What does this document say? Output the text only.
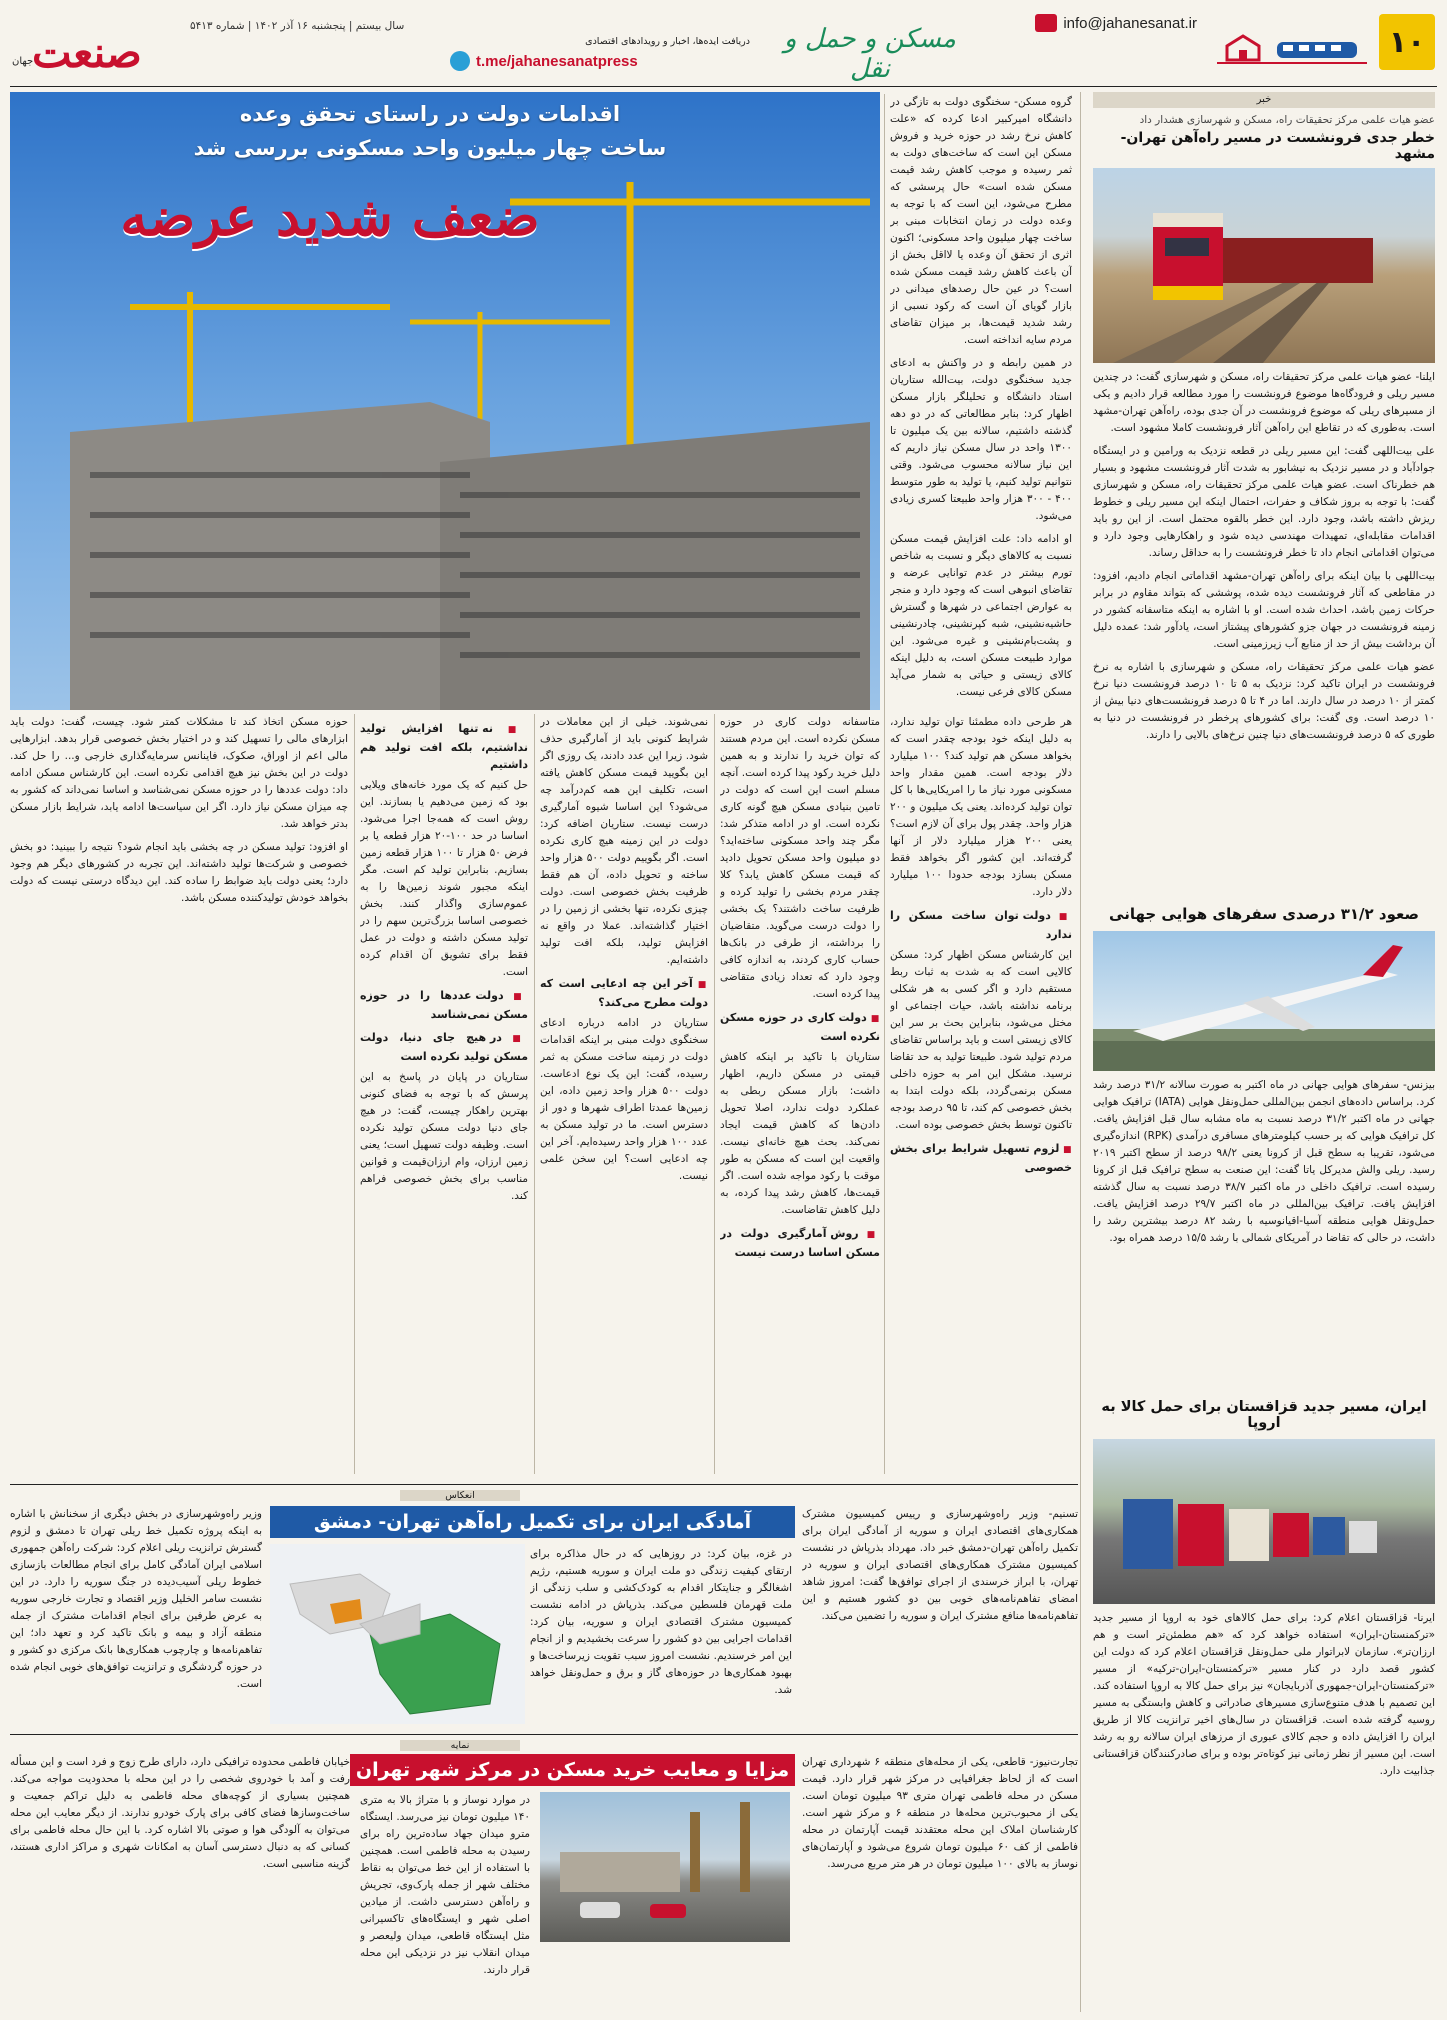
۱۰
info@jahanesanat.ir
مسکن و حمل و نقل
دریافت ایده‌ها، اخبار و رویدادهای اقتصادی
t.me/jahanesanatpress
سال بیستم | پنجشنبه ۱۶ آذر ۱۴۰۲ | شماره ۵۴۱۳
صنعت
جهان
خبر
عضو هیات علمی مرکز تحقیقات راه، مسکن و شهرسازی هشدار داد
خطر جدی فرونشست در مسیر راه‌آهن تهران-مشهد

ایلنا- عضو هیات علمی مرکز تحقیقات راه، مسکن و شهرسازی گفت: در چندین مسیر ریلی و فرودگاه‌ها موضوع فرونشست را مورد مطالعه قرار دادیم و یکی از مسیرهای ریلی که موضوع فرونشست در آن جدی بوده، راه‌آهن تهران-مشهد است. به‌طوری که در تقاطع این راه‌آهن آثار فرونشست کاملا مشهود است.

علی بیت‌اللهی گفت: این مسیر ریلی در قطعه نزدیک به ورامین و در ایستگاه جوادآباد و در مسیر نزدیک به نیشابور به شدت آثار فرونشست مشهود و بسیار هم خطرناک است. عضو هیات علمی مرکز تحقیقات راه، مسکن و شهرسازی گفت: با توجه به بروز شکاف و حفرات، احتمال اینکه این مسیر ریلی و خطوط ریزش داشته باشد، وجود دارد. این خطر بالقوه محتمل است. از این رو باید اقدامات مقابله‌ای، تمهیدات مهندسی دیده شود و راهکارهایی وجود دارد و می‌توان اقداماتی انجام داد تا خطر فرونشست را به حداقل رساند.

بیت‌اللهی با بیان اینکه برای راه‌آهن تهران-مشهد اقداماتی انجام دادیم، افزود: در مقاطعی که آثار فرونشست دیده شده، پوششی که بتواند مقاوم در برابر حرکات زمین باشد، احداث شده است. او با اشاره به اینکه متاسفانه کشور در زمینه فرونشست در جهان جزو کشورهای پیشتاز است، یادآور شد: عمده دلیل آن برداشت بیش از حد از منابع آب زیرزمینی است.

عضو هیات علمی مرکز تحقیقات راه، مسکن و شهرسازی با اشاره به نرخ فرونشست در ایران تاکید کرد: نزدیک به ۵ تا ۱۰ درصد فرونشست دنیا نرخ کمتر از ۱۰ درصد در سال دارند. اما در ۴ تا ۵ درصد فرونشست‌های دنیا بیش از ۱۰ درصد است. وی گفت: برای کشورهای پرخطر در فرونشست در دنیا به طوری که ۵ درصد فرونشست‌های دنیا چنین نرخ‌های بالایی را دارند.

صعود ۳۱/۲ درصدی سفرهای هوایی جهانی
بیزنس- سفرهای هوایی جهانی در ماه اکتبر به صورت سالانه ۳۱/۲ درصد رشد کرد. براساس داده‌های انجمن بین‌المللی حمل‌ونقل هوایی (IATA) ترافیک هوایی جهانی در ماه اکتبر ۳۱/۲ درصد نسبت به ماه مشابه سال قبل افزایش یافت. کل ترافیک هوایی که بر حسب کیلومترهای مسافری درآمدی (RPK) اندازه‌گیری می‌شود، تقریبا به سطح قبل از کرونا یعنی ۹۸/۲ درصد از سطح اکتبر ۲۰۱۹ رسید. ریلی والش مدیرکل یاتا گفت: این صنعت به سطح ترافیک قبل از کرونا رسیده است. ترافیک داخلی در ماه اکتبر ۳۸/۷ درصد نسبت به سال گذشته افزایش یافت. ترافیک بین‌المللی در ماه اکتبر ۲۹/۷ درصد افزایش یافت. حمل‌ونقل هوایی منطقه آسیا-اقیانوسیه با رشد ۸۲ درصد بیشترین رشد را داشت، در حالی که تقاضا در آمریکای شمالی با رشد ۱۵/۵ درصد همراه بود.
ایران، مسیر جدید قزاقستان برای حمل کالا به اروپا
ایرنا- قزاقستان اعلام کرد: برای حمل کالاهای خود به اروپا از مسیر جدید «ترکمنستان-ایران» استفاده خواهد کرد که «هم مطمئن‌تر است و هم ارزان‌تر». سازمان لابراتوار ملی حمل‌ونقل قزاقستان اعلام کرد که دولت این کشور قصد دارد در کنار مسیر «ترکمنستان-ایران-ترکیه» از مسیر «ترکمنستان-ایران-جمهوری آذربایجان» نیز برای حمل کالا به اروپا استفاده کند. این تصمیم با هدف متنوع‌سازی مسیرهای صادراتی و کاهش وابستگی به مسیر روسیه گرفته شده است. قزاقستان در سال‌های اخیر ترانزیت کالا از طریق ایران را افزایش داده و حجم کالای عبوری از مرزهای ایران سالانه رو به رشد است. این مسیر از نظر زمانی نیز کوتاه‌تر بوده و برای صادرکنندگان قزاقستانی جذابیت دارد.

گروه مسکن- سخنگوی دولت به تازگی در دانشگاه امیرکبیر ادعا کرده که «علت کاهش نرخ رشد در حوزه خرید و فروش مسکن این است که ساخت‌های دولت به ثمر رسیده و موجب کاهش رشد قیمت مسکن شده است» حال پرسشی که مطرح می‌شود، این است که با توجه به وعده دولت در زمان انتخابات مبنی بر ساخت چهار میلیون واحد مسکونی؛ اکنون اثری از تحقق آن وعده یا لااقل بخش از آن باعث کاهش رشد قیمت مسکن شده است؟ در عین حال رصدهای میدانی در بازار گویای آن است که رکود نسبی از رشد شدید قیمت‌ها، بر میزان تقاضای مردم سایه انداخته است.

در همین رابطه و در واکنش به ادعای جدید سخنگوی دولت، بیت‌الله ستاریان استاد دانشگاه و تحلیلگر بازار مسکن اظهار کرد: بنابر مطالعاتی که در دو دهه گذشته داشتیم، سالانه بین یک میلیون تا ۱۳۰۰ واحد در سال مسکن نیاز داریم که این نیاز سالانه محسوب می‌شود. وقتی نتوانیم تولید کنیم، یا تولید به طور متوسط ۴۰۰ - ۳۰۰ هزار واحد طبیعتا کسری زیادی می‌شود.

او ادامه داد: علت افزایش قیمت مسکن نسبت به کالاهای دیگر و نسبت به شاخص تورم بیشتر در عدم توانایی عرضه و تقاضای انبوهی است که وجود دارد و منجر به عوارض اجتماعی در شهرها و گسترش حاشیه‌نشینی، شبه کپرنشینی، چادرنشینی و پشت‌بام‌نشینی و غیره می‌شود. این موارد طبیعت مسکن است، به دلیل اینکه کالای زیستی و حیاتی به شمار می‌آید مسکن کالای فرعی نیست.

اقدامات دولت در راستای تحقق وعده
ساخت چهار میلیون واحد مسکونی بررسی شد
ضعف شدید عرضه

هر طرحی داده مطمئنا توان تولید ندارد، به دلیل اینکه خود بودجه چقدر است که بخواهد مسکن هم تولید کند؟ ۱۰۰ میلیارد دلار بودجه است. همین مقدار واحد مسکونی مورد نیاز ما را امریکایی‌ها با کل توان تولید کرده‌اند. یعنی یک میلیون و ۲۰۰ هزار واحد. چقدر پول برای آن لازم است؟ یعنی ۲۰۰ هزار میلیارد دلار از آنها گرفته‌اند. این کشور اگر بخواهد فقط مسکن بسازد بودجه حدودا ۱۰۰ میلیارد دلار دارد.

■ دولت توان ساخت مسکن را ندارد

این کارشناس مسکن اظهار کرد: مسکن کالایی است که به شدت به ثبات ربط مستقیم دارد و اگر کسی به هر شکلی برنامه نداشته باشد، حیات اجتماعی او مختل می‌شود، بنابراین بحث بر سر این کالای زیستی است و باید براساس تقاضای مردم تولید شود. طبیعتا تولید به حد تقاضا نرسید. مشکل این امر به حوزه داخلی مسکن برنمی‌گردد، بلکه دولت ابتدا به بخش خصوصی کم کند، تا ۹۵ درصد بودجه تاکنون توسط بخش خصوصی بوده است.

■ لزوم تسهیل شرایط برای بخش خصوصی

متاسفانه دولت کاری در حوزه مسکن نکرده است. این مردم هستند که توان خرید را ندارند و به همین دلیل خرید رکود پیدا کرده است. آنچه مسلم است این است که دولت در تامین بنیادی مسکن هیچ گونه کاری نکرده است. او در ادامه متذکر شد: مگر چند واحد مسکونی ساخته‌اید؟ دو میلیون واحد مسکن تحویل دادید که قیمت مسکن کاهش یابد؟ کلا چقدر مردم بخشی را تولید کرده و ظرفیت ساخت داشتند؟ یک بخشی را دولت درست می‌گوید. متقاضیان را برداشته، از طرفی در بانک‌ها حساب کاری کردند، به اندازه کافی وجود دارد که تعداد زیادی متقاضی پیدا کرده است.

■ دولت کاری در حوزه مسکن نکرده است

ستاریان با تاکید بر اینکه کاهش قیمتی در مسکن داریم، اظهار داشت: بازار مسکن ربطی به عملکرد دولت ندارد، اصلا تحویل دادن‌ها که کاهش قیمت ایجاد نمی‌کند. بحث هیچ خانه‌ای نیست. واقعیت این است که مسکن به طور موقت با رکود مواجه شده است. اگر قیمت‌ها، کاهش رشد پیدا کرده، به دلیل کاهش تقاضاست.

■ روش آمارگیری دولت در مسکن اساسا درست نیست

نمی‌شوند. خیلی از این معاملات در شرایط کنونی باید از آمارگیری حذف شود. زیرا این عدد دادند، یک روزی اگر این بگویید قیمت مسکن کاهش یافته است، تکلیف این همه کم‌درآمد چه می‌شود؟ این اساسا شیوه آمارگیری درست نیست. ستاریان اضافه کرد: دولت در این زمینه هیچ کاری نکرده است. اگر بگوییم دولت ۵۰۰ هزار واحد ساخته و تحویل داده، آن هم فقط ظرفیت بخش خصوصی است. دولت چیزی نکرده، تنها بخشی از زمین را در اختیار گذاشته‌اند. عملا در واقع نه افزایش تولید، بلکه افت تولید داشته‌ایم.

■ آخر این چه ادعایی است که دولت مطرح می‌کند؟

ستاریان در ادامه درباره ادعای سخنگوی دولت مبنی بر اینکه اقدامات دولت در زمینه ساخت مسکن به ثمر رسیده، گفت: این یک نوع ادعاست. دولت ۵۰۰ هزار واحد زمین داده، این زمین‌ها عمدتا اطراف شهرها و دور از دسترس است. ما در تولید مسکن به عدد ۱۰۰ هزار واحد رسیده‌ایم. آخر این چه ادعایی است؟ این سخن علمی نیست.

■ نه تنها افزایش تولید نداشتیم، بلکه افت تولید هم داشتیم

حل کنیم که یک مورد خانه‌های ویلایی بود که زمین می‌دهیم یا بسازند. این روش است که همه‌جا اجرا می‌شود. اساسا در حد ۱۰۰-۲۰ هزار قطعه یا بر فرض ۵۰ هزار تا ۱۰۰ هزار قطعه زمین بسازیم. بنابراین تولید کم است. مگر اینکه مجبور شوند زمین‌ها را به عموم‌سازی واگذار کنند. بخش خصوصی اساسا بزرگ‌ترین سهم را در تولید مسکن داشته و دولت در عمل فقط برای تشویق آن اقدام کرده است.

■ دولت عددها را در حوزه مسکن نمی‌شناسد
■ در هیچ جای دنیا، دولت مسکن تولید نکرده است

ستاریان در پایان در پاسخ به این پرسش که با توجه به فضای کنونی بهترین راهکار چیست، گفت: در هیچ جای دنیا دولت مسکن تولید نکرده است. وظیفه دولت تسهیل است؛ یعنی زمین ارزان، وام ارزان‌قیمت و قوانین مناسب برای بخش خصوصی فراهم کند.

حوزه مسکن اتخاذ کند تا مشکلات کمتر شود. چیست، گفت: دولت باید ابزارهای مالی را تسهیل کند و در اختیار بخش خصوصی قرار بدهد. ابزارهایی مالی اعم از اوراق، صکوک، فاینانس سرمایه‌گذاری خارجی و... را حل کند. دولت در این بخش نیز هیچ اقدامی نکرده است. این کارشناس مسکن ادامه داد: دولت عددها را در حوزه مسکن نمی‌شناسد و اساسا نمی‌داند که کشور به چه میزان مسکن نیاز دارد. اگر این سیاست‌ها ادامه یابد، شرایط بازار مسکن بدتر خواهد شد.

او افزود: تولید مسکن در چه بخشی باید انجام شود؟ نتیجه را ببینید: دو بخش خصوصی و شرکت‌ها تولید داشته‌اند. این تجربه در کشورهای دیگر هم وجود دارد؛ یعنی دولت باید ضوابط را ساده کند. این دیدگاه درستی نیست که دولت بخواهد خودش تولیدکننده مسکن باشد.

انعکاس
آمادگی ایران برای تکمیل راه‌آهن تهران- دمشق	تسنیم- وزیر راه‌وشهرسازی و رییس کمیسیون مشترک همکاری‌های اقتصادی ایران و سوریه از آمادگی ایران برای تکمیل راه‌آهن تهران-دمشق خبر داد. مهرداد بذرپاش در نشست کمیسیون مشترک همکاری‌های اقتصادی ایران و سوریه در تهران، با ابراز خرسندی از اجرای توافق‌ها گفت: امروز شاهد امضای تفاهم‌نامه‌های خوبی بین دو کشور هستیم و این تفاهم‌نامه‌ها منافع مشترک ایران و سوریه را تضمین می‌کند.
در غزه، بیان کرد: در روزهایی که در حال مذاکره برای ارتقای کیفیت زندگی دو ملت ایران و سوریه هستیم، رژیم اشغالگر و جنایتکار اقدام به کودک‌کشی و سلب زندگی از ملت قهرمان فلسطین می‌کند. بذرپاش در ادامه نشست کمیسیون مشترک اقتصادی ایران و سوریه، بیان کرد: اقدامات اجرایی بین دو کشور را سرعت بخشیدیم و از انجام این امر خرسندیم. نشست امروز سبب تقویت زیرساخت‌ها و بهبود همکاری‌ها در حوزه‌های گاز و برق و حمل‌ونقل خواهد شد.
وزیر راه‌وشهرسازی در بخش دیگری از سخنانش با اشاره به اینکه پروژه تکمیل خط ریلی تهران تا دمشق و لزوم گسترش ترانزیت ریلی اعلام کرد: شرکت راه‌آهن جمهوری اسلامی ایران آمادگی کامل برای انجام مطالعات بازسازی خطوط ریلی آسیب‌دیده در جنگ سوریه را دارد. در این نشست سامر الخلیل وزیر اقتصاد و تجارت خارجی سوریه به عرض طرفین برای انجام اقدامات مشترک از جمله منطقه آزاد و بیمه و بانک تاکید کرد و تعهد داد؛ این تفاهم‌نامه‌ها و چارچوب همکاری‌ها بانک مرکزی دو کشور و در حوزه گردشگری و ترانزیت توافق‌های خوبی انجام شده است.
نمایه
مزایا و معایب خرید مسکن در مرکز شهر تهران	تجارت‌نیوز- قاطعی، یکی از محله‌های منطقه ۶ شهرداری تهران است که از لحاظ جغرافیایی در مرکز شهر قرار دارد. قیمت مسکن در محله فاطمی تهران متری ۹۳ میلیون تومان است. یکی از محبوب‌ترین محله‌ها در منطقه ۶ و مرکز شهر است. کارشناسان املاک این محله معتقدند قیمت آپارتمان در محله فاطمی از کف ۶۰ میلیون تومان شروع می‌شود و آپارتمان‌های نوساز به بالای ۱۰۰ میلیون تومان در هر متر مربع می‌رسد.
در موارد نوساز و با متراژ بالا به متری ۱۴۰ میلیون تومان نیز می‌رسد. ایستگاه مترو میدان جهاد ساده‌ترین راه برای رسیدن به محله فاطمی است. همچنین با استفاده از این خط می‌توان به نقاط مختلف شهر از جمله پارک‌وی، تجریش و راه‌آهن دسترسی داشت. از میادین اصلی شهر و ایستگاه‌های تاکسیرانی مثل ایستگاه قاطعی، میدان ولیعصر و میدان انقلاب نیز در نزدیکی این محله قرار دارند.
خیابان فاطمی محدوده ترافیکی دارد، دارای طرح زوج و فرد است و این مسأله رفت و آمد با خودروی شخصی را در این محله با محدودیت مواجه می‌کند. همچنین بسیاری از کوچه‌های محله فاطمی به دلیل تراکم جمعیت و ساخت‌وسازها فضای کافی برای پارک خودرو ندارند. از دیگر معایب این محله می‌توان به آلودگی هوا و صوتی بالا اشاره کرد. با این حال محله فاطمی برای کسانی که به دنبال دسترسی آسان به امکانات شهری و مراکز اداری هستند، گزینه مناسبی است.
